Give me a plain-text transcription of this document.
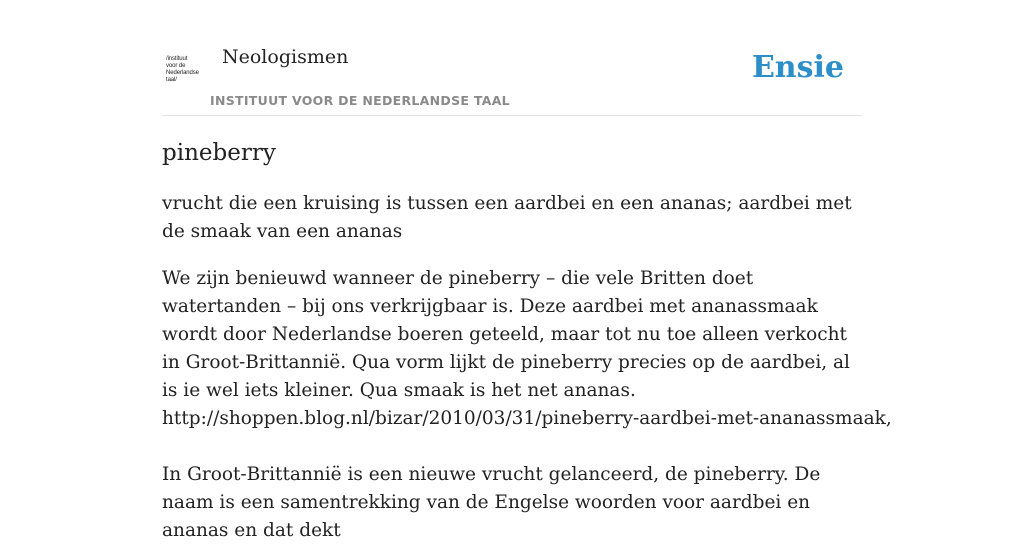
/instituut
voor de
Nederlandse
taal/
Neologismen
INSTITUUT VOOR DE NEDERLANDSE TAAL
Ensie
pineberry

vrucht die een kruising is tussen een aardbei en een ananas; aardbei met de smaak van een ananas

We zijn benieuwd wanneer de pineberry – die vele Britten doet watertanden – bij ons verkrijgbaar is. Deze aardbei met ananassmaak wordt door Nederlandse boeren geteeld, maar tot nu toe alleen verkocht in Groot-Brittannië. Qua vorm lijkt de pineberry precies op de aardbei, al is ie wel iets kleiner. Qua smaak is het net ananas.
http://shoppen.blog.nl/bizar/2010/03/31/pineberry-aardbei-met-ananassmaak,

In Groot-Brittannië is een nieuwe vrucht gelanceerd, de pineberry. De naam is een samentrekking van de Engelse woorden voor aardbei en ananas en dat dekt
